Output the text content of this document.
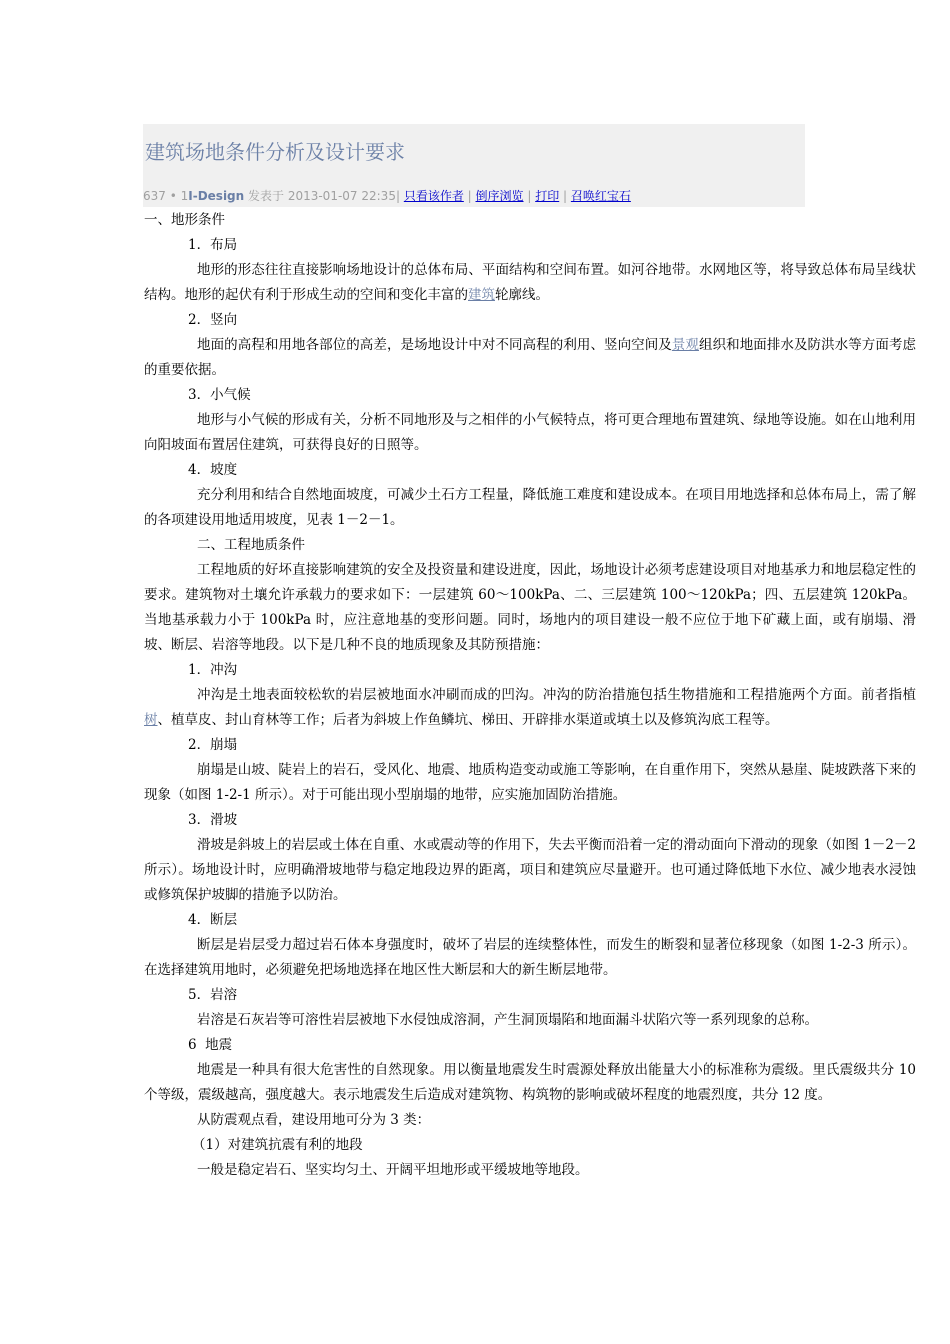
建筑场地条件分析及设计要求
637 • 1I-Design 发表于 2013-01-07 22:35| 只看该作者 | 倒序浏览 | 打印 | 召唤红宝石

一、地形条件

1．布局

地形的形态往往直接影响场地设计的总体布局、平面结构和空间布置。如河谷地带。水网地区等，将导致总体布局呈线状结构。地形的起伏有利于形成生动的空间和变化丰富的建筑轮廓线。

2．竖向

地面的高程和用地各部位的高差，是场地设计中对不同高程的利用、竖向空间及景观组织和地面排水及防洪水等方面考虑的重要依据。

3．小气候

地形与小气候的形成有关，分析不同地形及与之相伴的小气候特点，将可更合理地布置建筑、绿地等设施。如在山地利用向阳坡面布置居住建筑，可获得良好的日照等。

4．坡度

充分利用和结合自然地面坡度，可减少土石方工程量，降低施工难度和建设成本。在项目用地选择和总体布局上，需了解的各项建设用地适用坡度，见表 1－2－1。

二、工程地质条件

工程地质的好坏直接影响建筑的安全及投资量和建设进度，因此，场地设计必须考虑建设项目对地基承力和地层稳定性的要求。建筑物对土壤允许承载力的要求如下：一层建筑 60～100kPa、二、三层建筑 100～120kPa；四、五层建筑 120kPa。当地基承载力小于 100kPa 时，应注意地基的变形问题。同时，场地内的项目建设一般不应位于地下矿藏上面，或有崩塌、滑坡、断层、岩溶等地段。以下是几种不良的地质现象及其防预措施：

1．冲沟

冲沟是土地表面较松软的岩层被地面水冲刷而成的凹沟。冲沟的防治措施包括生物措施和工程措施两个方面。前者指植树、植草皮、封山育林等工作；后者为斜坡上作鱼鳞坑、梯田、开辟排水渠道或填土以及修筑沟底工程等。

2．崩塌

崩塌是山坡、陡岩上的岩石，受风化、地震、地质构造变动或施工等影响，在自重作用下，突然从悬崖、陡坡跌落下来的现象（如图 1-2-1 所示）。对于可能出现小型崩塌的地带，应实施加固防治措施。

3．滑坡

滑坡是斜坡上的岩层或土体在自重、水或震动等的作用下，失去平衡而沿着一定的滑动面向下滑动的现象（如图 1－2－2 所示）。场地设计时，应明确滑坡地带与稳定地段边界的距离，项目和建筑应尽量避开。也可通过降低地下水位、减少地表水浸蚀或修筑保护坡脚的措施予以防治。

4．断层

断层是岩层受力超过岩石体本身强度时，破坏了岩层的连续整体性，而发生的断裂和显著位移现象（如图 1-2-3 所示）。在选择建筑用地时，必须避免把场地选择在地区性大断层和大的新生断层地带。

5．岩溶

岩溶是石灰岩等可溶性岩层被地下水侵蚀成溶洞，产生洞顶塌陷和地面漏斗状陷穴等一系列现象的总称。

6  地震

地震是一种具有很大危害性的自然现象。用以衡量地震发生时震源处释放出能量大小的标准称为震级。里氏震级共分 10 个等级，震级越高，强度越大。表示地震发生后造成对建筑物、构筑物的影响或破坏程度的地震烈度，共分 12 度。

从防震观点看，建设用地可分为 3 类：

（1）对建筑抗震有利的地段

一般是稳定岩石、坚实均匀土、开阔平坦地形或平缓坡地等地段。
